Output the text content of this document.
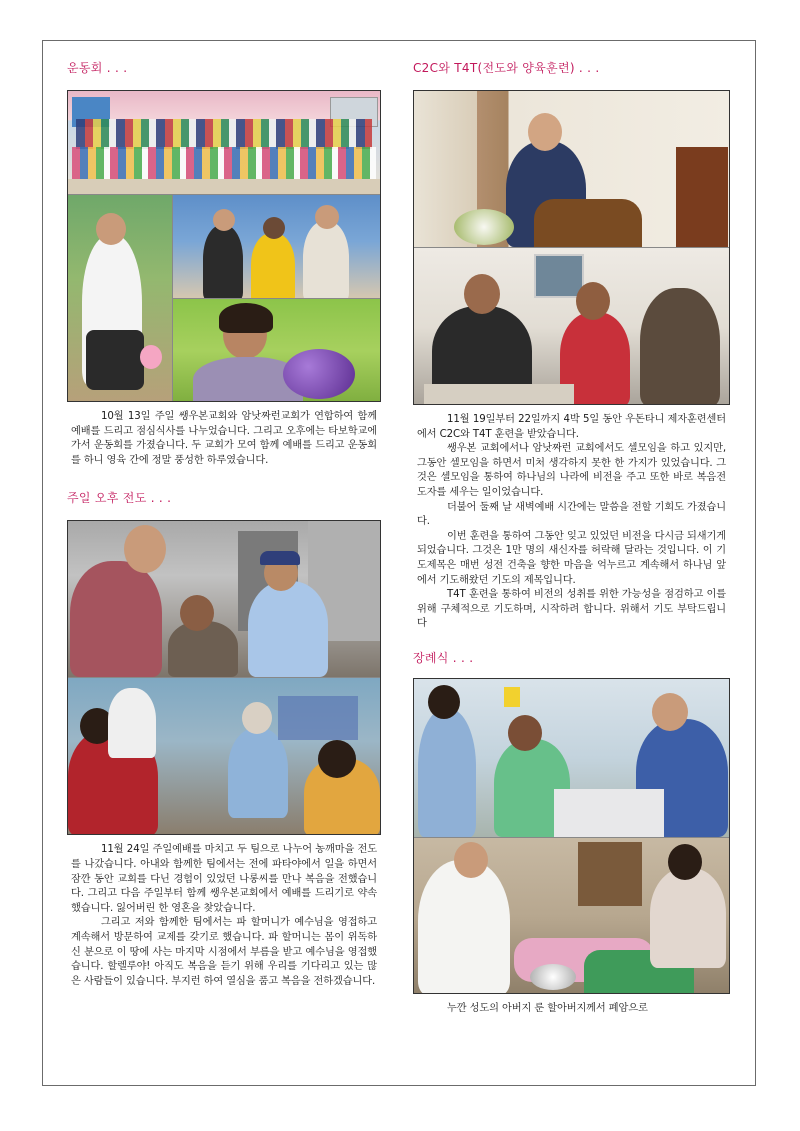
운동회 . . .

10월 13일 주일 쌩우본교회와 암낫짜런교회가 연합하여 함께 예배를 드리고 점심식사를 나누었습니다. 그리고 오후에는 타보학교에 가서 운동회를 가졌습니다. 두 교회가 모여 함께 예배를 드리고 운동회를 하니 영육 간에 정말 풍성한 하루였습니다.

주일 오후 전도 . . .

11월 24일 주일예배를 마치고 두 팀으로 나누어 농깨마을 전도를 나갔습니다. 아내와 함께한 팀에서는 전에 파타야에서 일을 하면서 잠깐 동안 교회를 다닌 경험이 있었던 나롱씨를 만나 복음을 전했습니다. 그리고 다음 주일부터 함께 쌩우본교회에서 예배를 드리기로 약속 했습니다. 잃어버린 한 영혼을 찾았습니다.

그리고 저와 함께한 팀에서는 파 할머니가 예수님을 영접하고 계속해서 방문하여 교제를 갖기로 했습니다. 파 할머니는 몸이 위독하신 분으로 이 땅에 사는 마지막 시점에서 부름을 받고 예수님을 영접했습니다. 할렐루야! 아직도 복음을 듣기 위해 우리를 기다리고 있는 많은 사람들이 있습니다. 부지런 하여 열심을 품고 복음을 전하겠습니다.

C2C와 T4T(전도와 양육훈련) . . .

11월 19일부터 22일까지 4박 5일 동안 우돈타니 제자훈련센터에서 C2C와 T4T 훈련을 받았습니다.

쌩우본 교회에서나 암낫짜런 교회에서도 셀모임을 하고 있지만, 그동안 셀모임을 하면서 미처 생각하지 못한 한 가지가 있었습니다. 그것은 셀모임을 통하여 하나님의 나라에 비전을 주고 또한 바로 복음전도자를 세우는 일이었습니다.

더불어 둘째 날 새벽예배 시간에는 말씀을 전할 기회도 가졌습니다.

이번 훈련을 통하여 그동안 잊고 있었던 비전을 다시금 되새기게 되었습니다. 그것은 1만 명의 새신자를 허락해 달라는 것입니다. 이 기도제목은 매번 성전 건축을 향한 마음을 억누르고 계속해서 하나님 앞에서 기도해왔던 기도의 제목입니다.

T4T 훈련을 통하여 비전의 성취를 위한 가능성을 점검하고 이를 위해 구체적으로 기도하며, 시작하려 합니다. 위해서 기도 부탁드립니다

장례식 . . .

누깐 성도의 아버지 룬 할아버지께서 폐암으로
